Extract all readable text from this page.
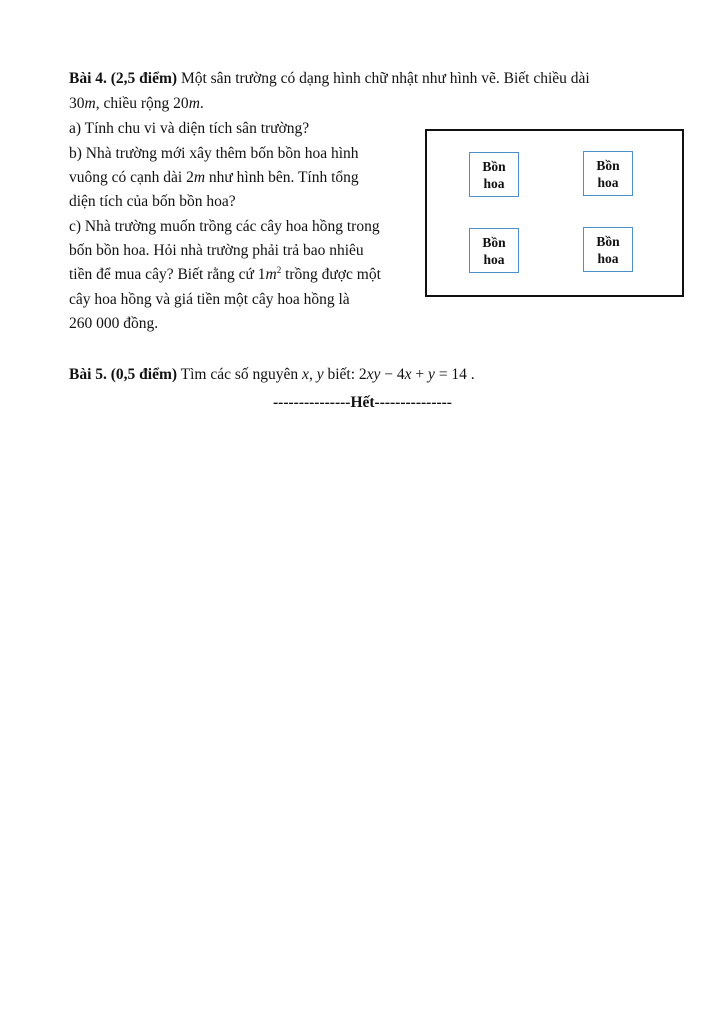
Bài 4. (2,5 điểm) Một sân trường có dạng hình chữ nhật như hình vẽ. Biết chiều dài
30m, chiều rộng 20m.
a) Tính chu vi và diện tích sân trường?
b) Nhà trường mới xây thêm bốn bồn hoa hình
vuông có cạnh dài 2m như hình bên. Tính tổng
diện tích của bốn bồn hoa?
c) Nhà trường muốn trồng các cây hoa hồng trong
bốn bồn hoa. Hỏi nhà trường phải trả bao nhiêu
tiền để mua cây? Biết rằng cứ $1m^2$ trồng được một
cây hoa hồng và giá tiền một cây hoa hồng là
260 000 đồng.
Bồn
hoa
Bồn
hoa
Bồn
hoa
Bồn
hoa
Bài 5. (0,5 điểm) Tìm các số nguyên x, y biết: 2xy − 4x + y = 14 .
---------------Hết---------------
